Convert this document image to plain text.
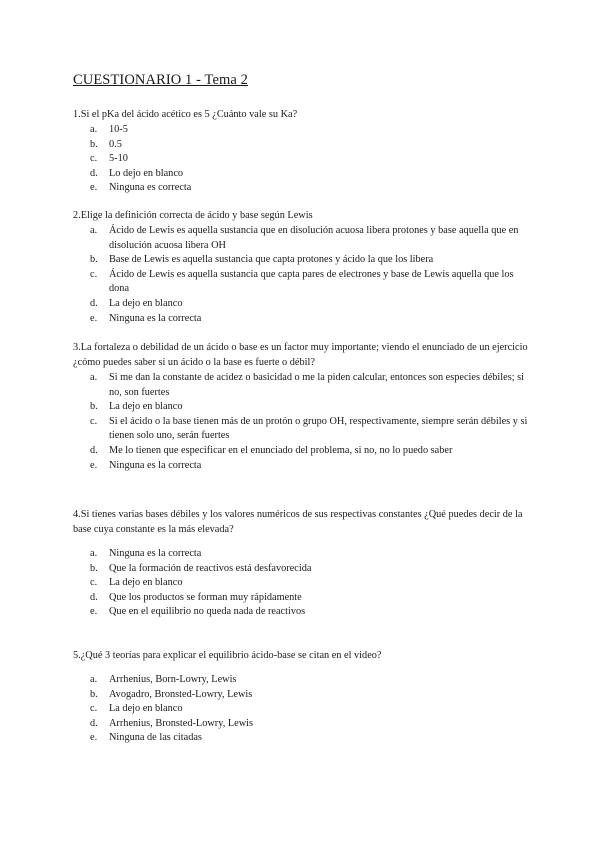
CUESTIONARIO 1 - Tema 2

1.Si el pKa del ácido acético es 5 ¿Cuánto vale su Ka?

a. 10-5
b. 0.5
c. 5-10
d. Lo dejo en blanco
e. Ninguna es correcta

2.Elige la definición correcta de ácido y base según Lewis

a. Ácido de Lewis es aquella sustancia que en disolución acuosa libera protones y base aquella que en disolución acuosa libera OH
b. Base de Lewis es aquella sustancia que capta protones y ácido la que los libera
c. Ácido de Lewis es aquella sustancia que capta pares de electrones y base de Lewis aquella que los dona
d. La dejo en blanco
e. Ninguna es la correcta

3.La fortaleza o debilidad de un ácido o base es un factor muy importante; viendo el enunciado de un ejercicio ¿cómo puedes saber si un ácido o la base es fuerte o débil?

a. Si me dan la constante de acidez o basicidad o me la piden calcular, entonces son especies débiles; si no, son fuertes
b. La dejo en blanco
c. Si el ácido o la base tienen más de un protón o grupo OH, respectivamente, siempre serán débiles y si tienen solo uno, serán fuertes
d. Me lo tienen que especificar en el enunciado del problema, si no, no lo puedo saber
e. Ninguna es la correcta

4.Si tienes varias bases débiles y los valores numéricos de sus respectivas constantes ¿Qué puedes decir de la base cuya constante es la más elevada?

a. Ninguna es la correcta
b. Que la formación de reactivos está desfavorecida
c. La dejo en blanco
d. Que los productos se forman muy rápidamente
e. Que en el equilibrio no queda nada de reactivos

5.¿Qué 3 teorías para explicar el equilibrio ácido-base se citan en el video?

a. Arrhenius, Born-Lowry, Lewis
b. Avogadro, Bronsted-Lowry, Lewis
c. La dejo en blanco
d. Arrhenius, Bronsted-Lowry, Lewis
e. Ninguna de las citadas
